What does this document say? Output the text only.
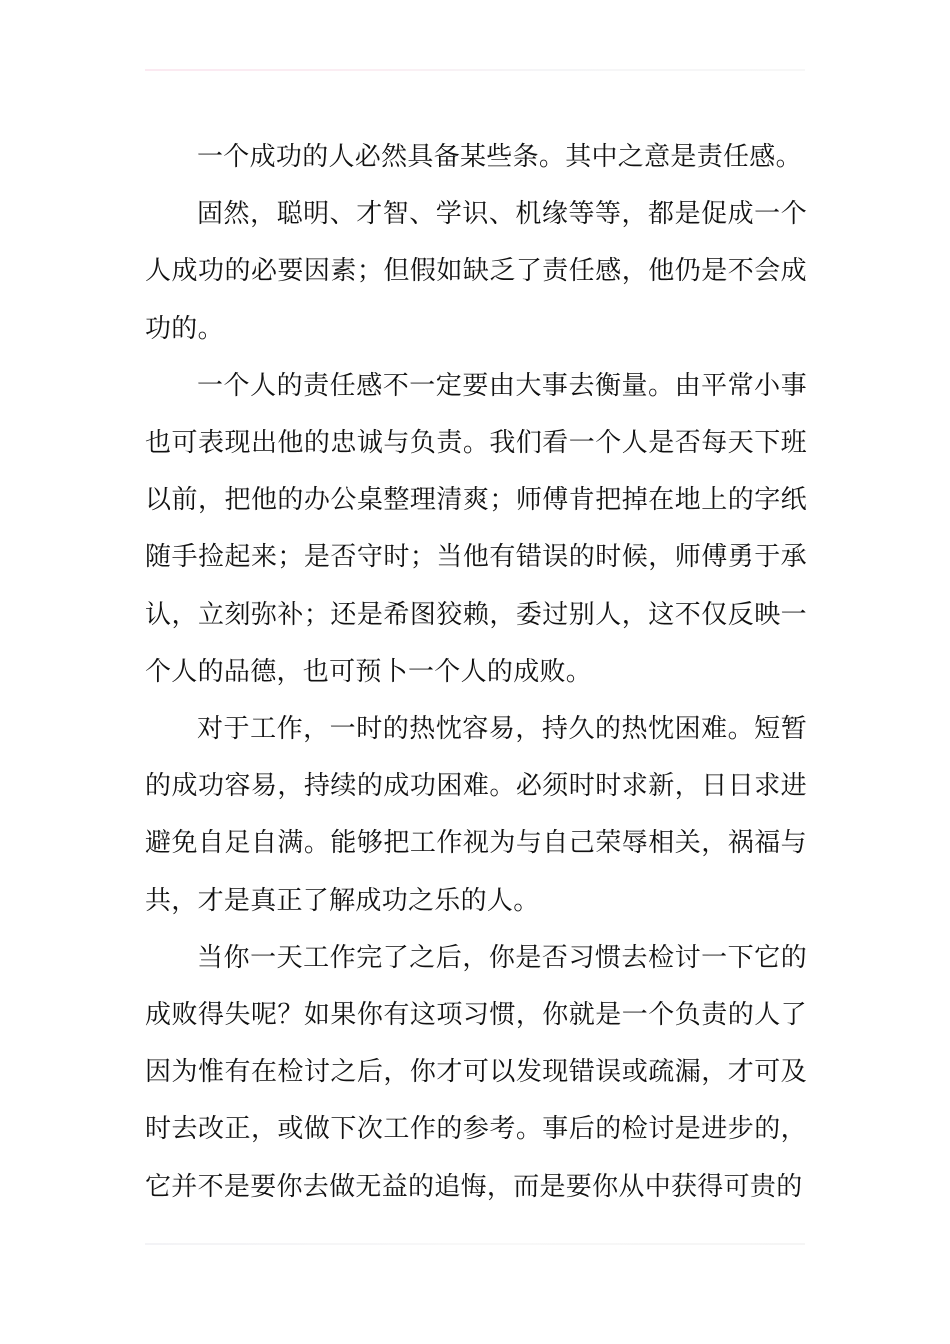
一个成功的人必然具备某些条。其中之意是责任感。

固然，聪明、才智、学识、机缘等等，都是促成一个人成功的必要因素；但假如缺乏了责任感，他仍是不会成功的。

一个人的责任感不一定要由大事去衡量。由平常小事也可表现出他的忠诚与负责。我们看一个人是否每天下班以前，把他的办公桌整理清爽；师傅肯把掉在地上的字纸随手捡起来；是否守时；当他有错误的时候，师傅勇于承认，立刻弥补；还是希图狡赖，委过别人，这不仅反映一个人的品德，也可预卜一个人的成败。

对于工作，一时的热忱容易，持久的热忱困难。短暂的成功容易，持续的成功困难。必须时时求新，日日求进避免自足自满。能够把工作视为与自己荣辱相关，祸福与共，才是真正了解成功之乐的人。

当你一天工作完了之后，你是否习惯去检讨一下它的成败得失呢？如果你有这项习惯，你就是一个负责的人了因为惟有在检讨之后，你才可以发现错误或疏漏，才可及时去改正，或做下次工作的参考。事后的检讨是进步的，它并不是要你去做无益的追悔，而是要你从中获得可贵的
